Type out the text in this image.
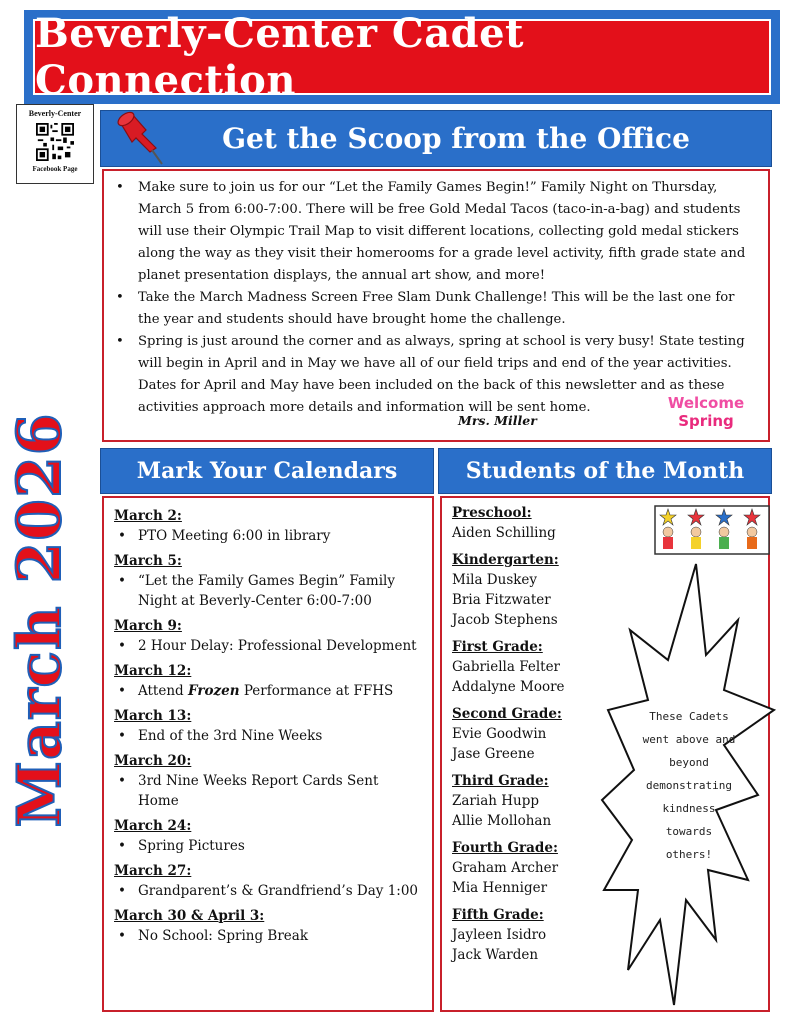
Beverly-Center Cadet Connection
Beverly-Center
Facebook Page
March 2026
Get the Scoop from the Office
• Make sure to join us for our “Let the Family Games Begin!” Family Night on Thursday, March 5 from 6:00-7:00. There will be free Gold Medal Tacos (taco-in-a-bag) and students will use their Olympic Trail Map to visit different locations, collecting gold medal stickers along the way as they visit their homerooms for a grade level activity, fifth grade state and planet presentation displays, the annual art show, and more!
• Take the March Madness Screen Free Slam Dunk Challenge! This will be the last one for the year and students should have brought home the challenge.
• Spring is just around the corner and as always, spring at school is very busy! State testing will begin in April and in May we have all of our field trips and end of the year activities. Dates for April and May have been included on the back of this newsletter and as these activities approach more details and information will be sent home.
Mrs. Miller
Welcome
Spring
Mark Your Calendars
March 2:
• PTO Meeting 6:00 in library
March 5:
• “Let the Family Games Begin” Family Night at Beverly-Center 6:00-7:00
March 9:
• 2 Hour Delay: Professional Development
March 12:
• Attend Frozen Performance at FFHS
March 13:
• End of the 3rd Nine Weeks
March 20:
• 3rd Nine Weeks Report Cards Sent Home
March 24:
• Spring Pictures
March 27:
• Grandparent’s & Grandfriend’s Day 1:00
March 30 & April 3:
• No School: Spring Break
Students of the Month
Preschool:
Aiden Schilling
Kindergarten:
Mila Duskey
Bria Fitzwater
Jacob Stephens
First Grade:
Gabriella Felter
Addalyne Moore
Second Grade:
Evie Goodwin
Jase Greene
Third Grade:
Zariah Hupp
Allie Mollohan
Fourth Grade:
Graham Archer
Mia Henniger
Fifth Grade:
Jayleen Isidro
Jack Warden
These Cadets
went above and
beyond
demonstrating
kindness
towards
others!
